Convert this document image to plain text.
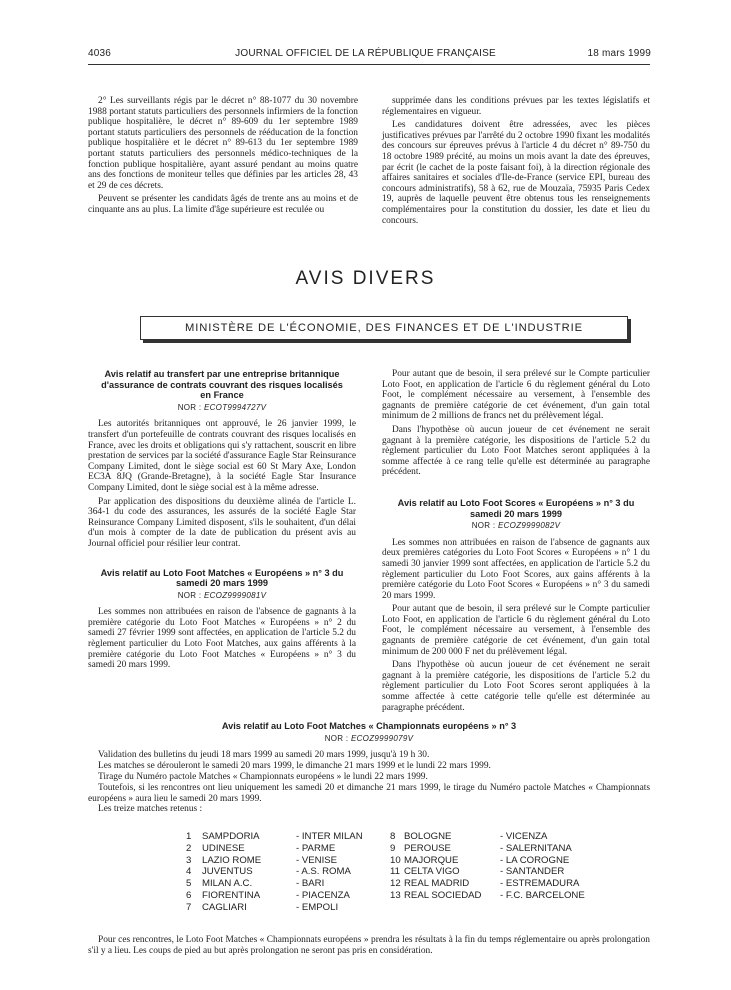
4036	JOURNAL OFFICIEL DE LA RÉPUBLIQUE FRANÇAISE	18 mars 1999

2° Les surveillants régis par le décret n° 88-1077 du 30 novembre 1988 portant statuts particuliers des personnels infirmiers de la fonction publique hospitalière, le décret n° 89-609 du 1er septembre 1989 portant statuts particuliers des personnels de rééducation de la fonction publique hospitalière et le décret n° 89-613 du 1er septembre 1989 portant statuts particuliers des personnels médico-techniques de la fonction publique hospitalière, ayant assuré pendant au moins quatre ans des fonctions de moniteur telles que définies par les articles 28, 43 et 29 de ces décrets.

Peuvent se présenter les candidats âgés de trente ans au moins et de cinquante ans au plus. La limite d'âge supérieure est reculée ou

supprimée dans les conditions prévues par les textes législatifs et réglementaires en vigueur.

Les candidatures doivent être adressées, avec les pièces justificatives prévues par l'arrêté du 2 octobre 1990 fixant les modalités des concours sur épreuves prévus à l'article 4 du décret n° 89-750 du 18 octobre 1989 précité, au moins un mois avant la date des épreuves, par écrit (le cachet de la poste faisant foi), à la direction régionale des affaires sanitaires et sociales d'Ile-de-France (service EPI, bureau des concours administratifs), 58 à 62, rue de Mouzaïa, 75935 Paris Cedex 19, auprès de laquelle peuvent être obtenus tous les renseignements complémentaires pour la constitution du dossier, les date et lieu du concours.

AVIS DIVERS
MINISTÈRE DE L'ÉCONOMIE, DES FINANCES ET DE L'INDUSTRIE
Avis relatif au transfert par une entreprise britannique d'assurance de contrats couvrant des risques localisés en France
NOR : ECOT9994727V

Les autorités britanniques ont approuvé, le 26 janvier 1999, le transfert d'un portefeuille de contrats couvrant des risques localisés en France, avec les droits et obligations qui s'y rattachent, souscrit en libre prestation de services par la société d'assurance Eagle Star Reinsurance Company Limited, dont le siège social est 60 St Mary Axe, London EC3A 8JQ (Grande-Bretagne), à la société Eagle Star Insurance Company Limited, dont le siège social est à la même adresse.

Par application des dispositions du deuxième alinéa de l'article L. 364-1 du code des assurances, les assurés de la société Eagle Star Reinsurance Company Limited disposent, s'ils le souhaitent, d'un délai d'un mois à compter de la date de publication du présent avis au Journal officiel pour résilier leur contrat.

Avis relatif au Loto Foot Matches « Européens » n° 3 du samedi 20 mars 1999
NOR : ECOZ9999081V

Les sommes non attribuées en raison de l'absence de gagnants à la première catégorie du Loto Foot Matches « Européens » n° 2 du samedi 27 février 1999 sont affectées, en application de l'article 5.2 du règlement particulier du Loto Foot Matches, aux gains afférents à la première catégorie du Loto Foot Matches « Européens » n° 3 du samedi 20 mars 1999.

Pour autant que de besoin, il sera prélevé sur le Compte particulier Loto Foot, en application de l'article 6 du règlement général du Loto Foot, le complément nécessaire au versement, à l'ensemble des gagnants de première catégorie de cet événement, d'un gain total minimum de 2 millions de francs net du prélèvement légal.

Dans l'hypothèse où aucun joueur de cet événement ne serait gagnant à la première catégorie, les dispositions de l'article 5.2 du règlement particulier du Loto Foot Matches seront appliquées à la somme affectée à ce rang telle qu'elle est déterminée au paragraphe précédent.

Avis relatif au Loto Foot Scores « Européens » n° 3 du samedi 20 mars 1999
NOR : ECOZ9999082V

Les sommes non attribuées en raison de l'absence de gagnants aux deux premières catégories du Loto Foot Scores « Européens » n° 1 du samedi 30 janvier 1999 sont affectées, en application de l'article 5.2 du règlement particulier du Loto Foot Scores, aux gains afférents à la première catégorie du Loto Foot Scores « Européens » n° 3 du samedi 20 mars 1999.

Pour autant que de besoin, il sera prélevé sur le Compte particulier Loto Foot, en application de l'article 6 du règlement général du Loto Foot, le complément nécessaire au versement, à l'ensemble des gagnants de première catégorie de cet événement, d'un gain total minimum de 200 000 F net du prélèvement légal.

Dans l'hypothèse où aucun joueur de cet événement ne serait gagnant à la première catégorie, les dispositions de l'article 5.2 du règlement particulier du Loto Foot Scores seront appliquées à la somme affectée à cette catégorie telle qu'elle est déterminée au paragraphe précédent.

Avis relatif au Loto Foot Matches « Championnats européens » n° 3
NOR : ECOZ9999079V

Validation des bulletins du jeudi 18 mars 1999 au samedi 20 mars 1999, jusqu'à 19 h 30.

Les matches se dérouleront le samedi 20 mars 1999, le dimanche 21 mars 1999 et le lundi 22 mars 1999.

Tirage du Numéro pactole Matches « Championnats européens » le lundi 22 mars 1999.

Toutefois, si les rencontres ont lieu uniquement les samedi 20 et dimanche 21 mars 1999, le tirage du Numéro pactole Matches « Championnats européens » aura lieu le samedi 20 mars 1999.

Les treize matches retenus :

1
2
3
4
5
6
7
SAMPDORIA
UDINESE
LAZIO ROME
JUVENTUS
MILAN A.C.
FIORENTINA
CAGLIARI
- INTER MILAN
- PARME
- VENISE
- A.S. ROMA
- BARI
- PIACENZA
- EMPOLI
8
9
10
11
12
13
BOLOGNE
PEROUSE
MAJORQUE
CELTA VIGO
REAL MADRID
REAL SOCIEDAD
- VICENZA
- SALERNITANA
- LA COROGNE
- SANTANDER
- ESTREMADURA
- F.C. BARCELONE

Pour ces rencontres, le Loto Foot Matches « Championnats européens » prendra les résultats à la fin du temps réglementaire ou après prolongation s'il y a lieu. Les coups de pied au but après prolongation ne seront pas pris en considération.
